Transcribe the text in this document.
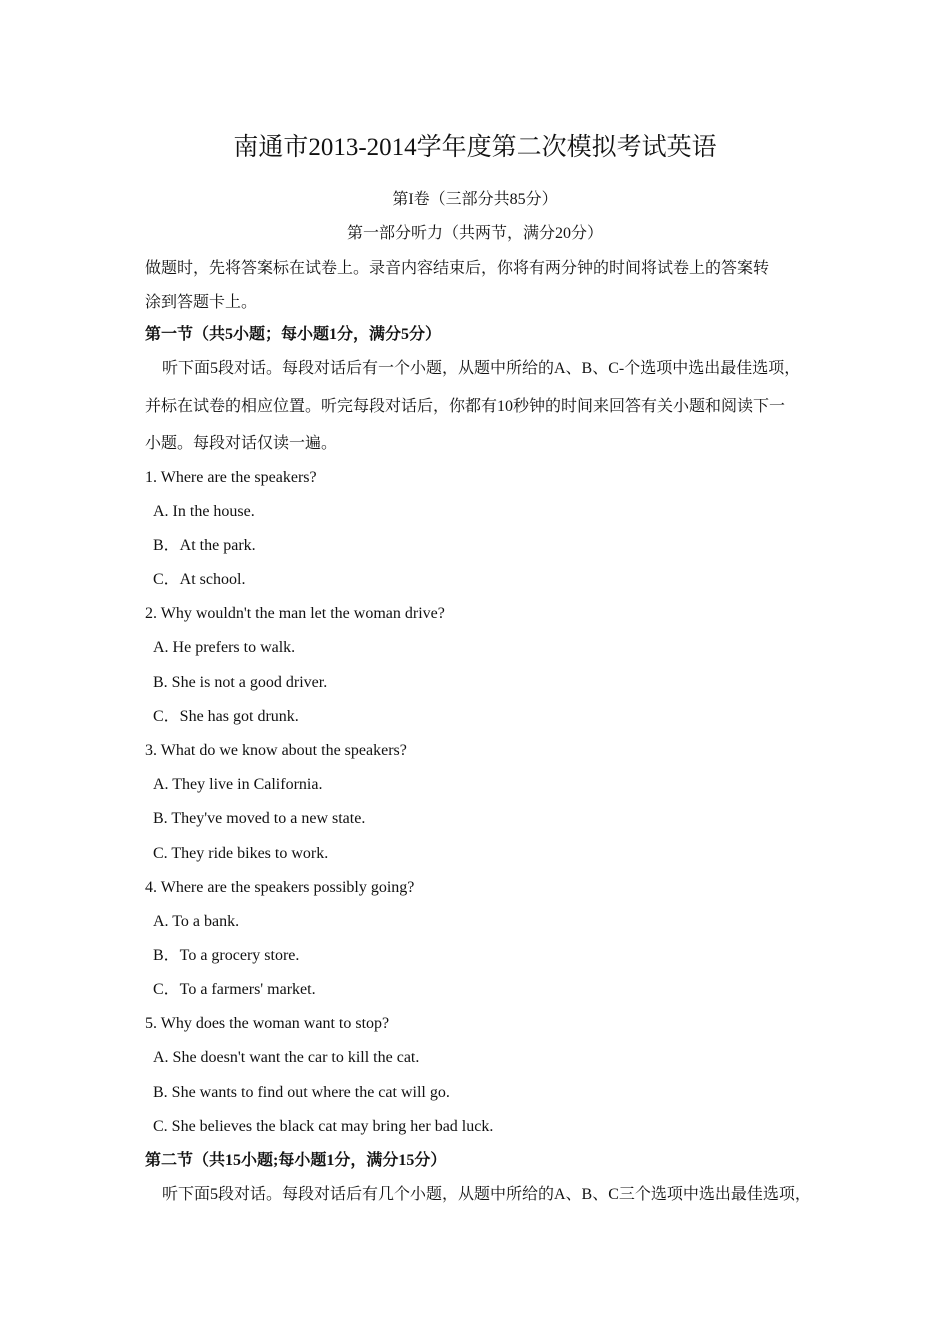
南通市2013-2014学年度第二次模拟考试英语
第I卷（三部分共85分）
第一部分听力（共两节，满分20分）
做题时，先将答案标在试卷上。录音内容结束后，你将有两分钟的时间将试卷上的答案转
涂到答题卡上。
第一节（共5小题；每小题1分，满分5分）
听下面5段对话。每段对话后有一个小题，从题中所给的A、B、C-个选项中选出最佳选项，
并标在试卷的相应位置。听完每段对话后，你都有10秒钟的时间来回答有关小题和阅读下一
小题。每段对话仅读一遍。
1. Where are the speakers?
A. In the house.
B．At the park.
C．At school.
2. Why wouldn't the man let the woman drive?
A. He prefers to walk.
B. She is not a good driver.
C．She has got drunk.
3. What do we know about the speakers?
A. They live in California.
B. They've moved to a new state.
C. They ride bikes to work.
4. Where are the speakers possibly going?
A. To a bank.
B．To a grocery store.
C．To a farmers' market.
5. Why does the woman want to stop?
A. She doesn't want the car to kill the cat.
B. She wants to find out where the cat will go.
C. She believes the black cat may bring her bad luck.
第二节（共15小题;每小题1分，满分15分）
听下面5段对话。每段对话后有几个小题，从题中所给的A、B、C三个选项中选出最佳选项，
